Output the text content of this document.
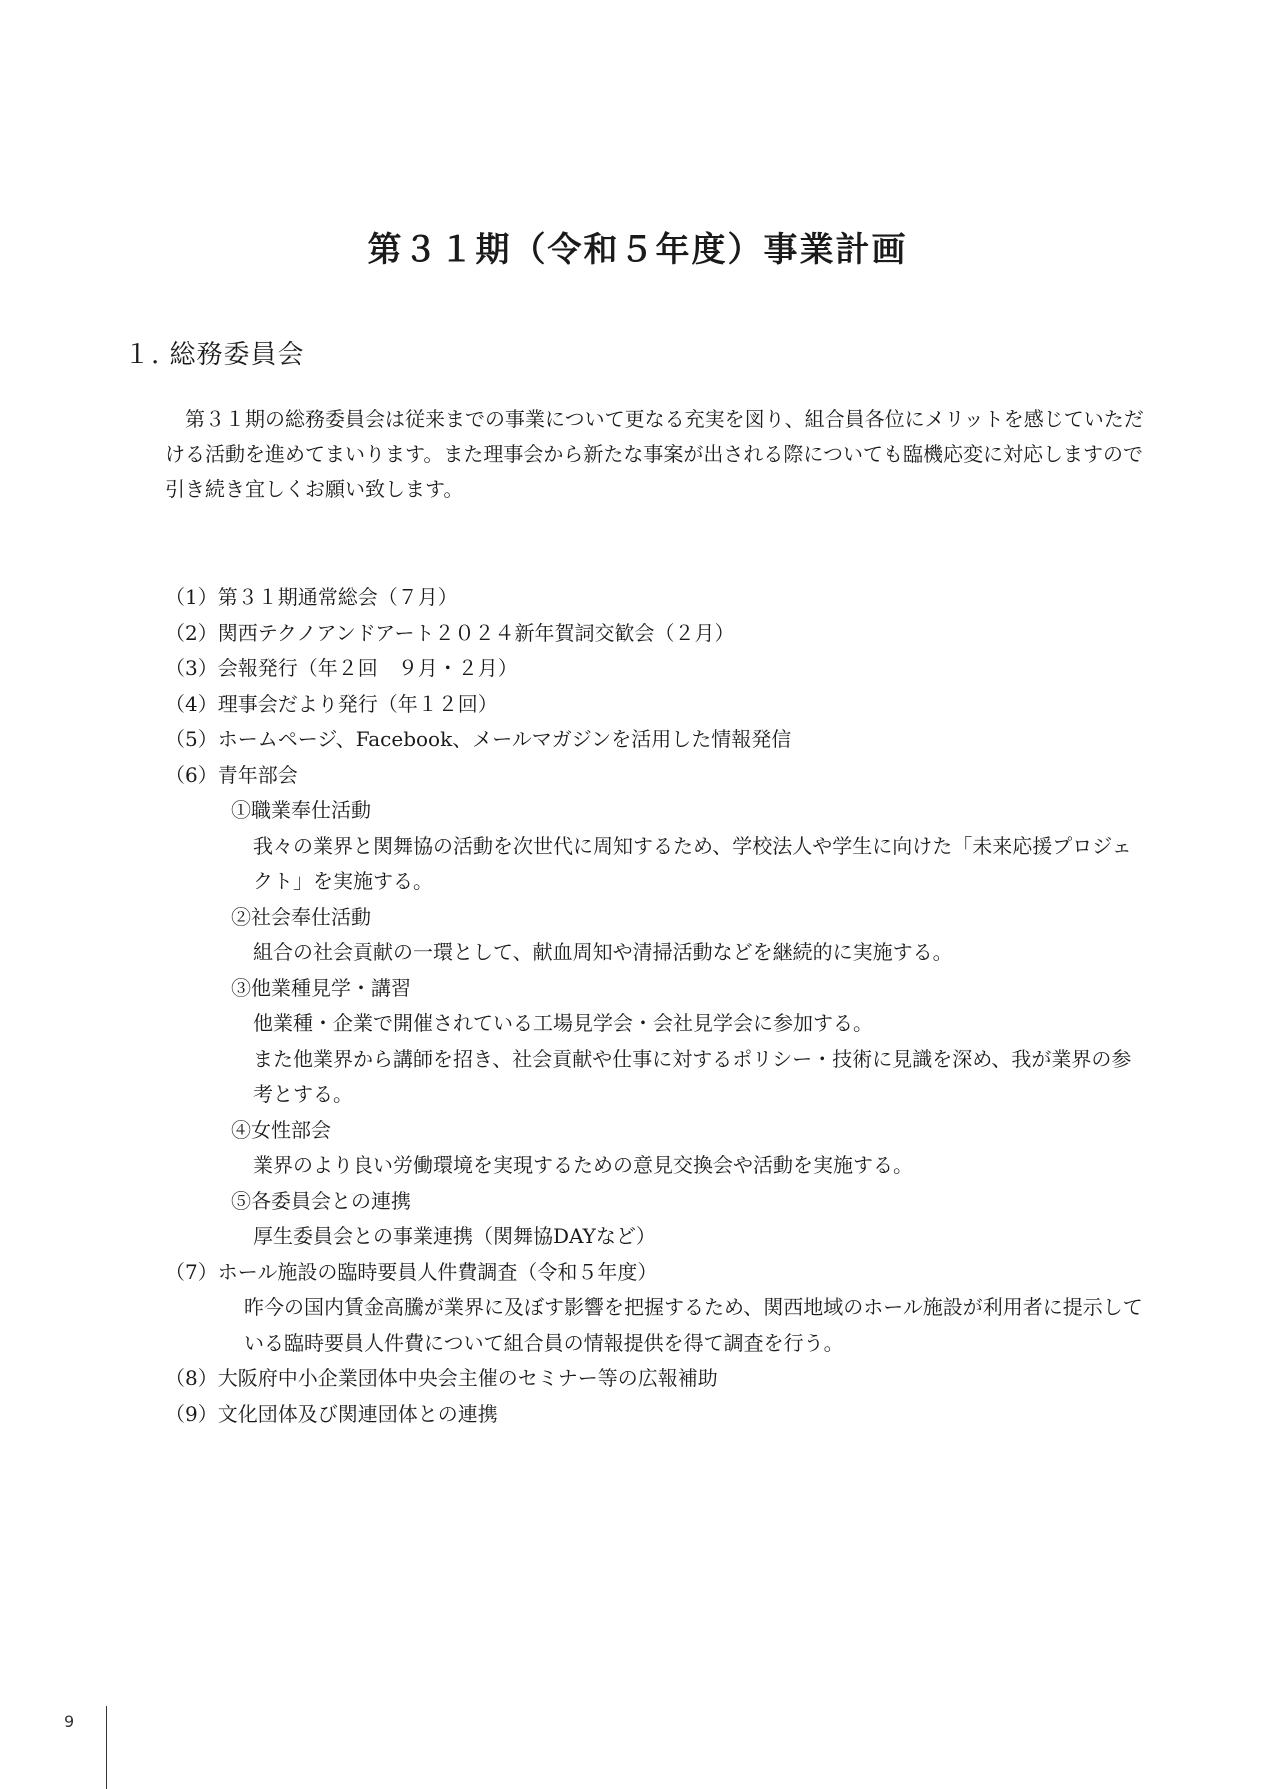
第３１期（令和５年度）事業計画
１. 総務委員会

第３１期の総務委員会は従来までの事業について更なる充実を図り、組合員各位にメリットを感じていただける活動を進めてまいります。また理事会から新たな事案が出される際についても臨機応変に対応しますので引き続き宜しくお願い致します。

（1）第３１期通常総会（７月）
（2）関西テクノアンドアート２０２４新年賀詞交歓会（２月）
（3）会報発行（年２回　９月・２月）
（4）理事会だより発行（年１２回）
（5）ホームページ、Facebook、メールマガジンを活用した情報発信
（6）青年部会
①職業奉仕活動
我々の業界と関舞協の活動を次世代に周知するため、学校法人や学生に向けた「未来応援プロジェクト」を実施する。
②社会奉仕活動
組合の社会貢献の一環として、献血周知や清掃活動などを継続的に実施する。
③他業種見学・講習
他業種・企業で開催されている工場見学会・会社見学会に参加する。
また他業界から講師を招き、社会貢献や仕事に対するポリシー・技術に見識を深め、我が業界の参考とする。
④女性部会
業界のより良い労働環境を実現するための意見交換会や活動を実施する。
⑤各委員会との連携
厚生委員会との事業連携（関舞協DAYなど）
（7）ホール施設の臨時要員人件費調査（令和５年度）
昨今の国内賃金高騰が業界に及ぼす影響を把握するため、関西地域のホール施設が利用者に提示している臨時要員人件費について組合員の情報提供を得て調査を行う。
（8）大阪府中小企業団体中央会主催のセミナー等の広報補助
（9）文化団体及び関連団体との連携
9
